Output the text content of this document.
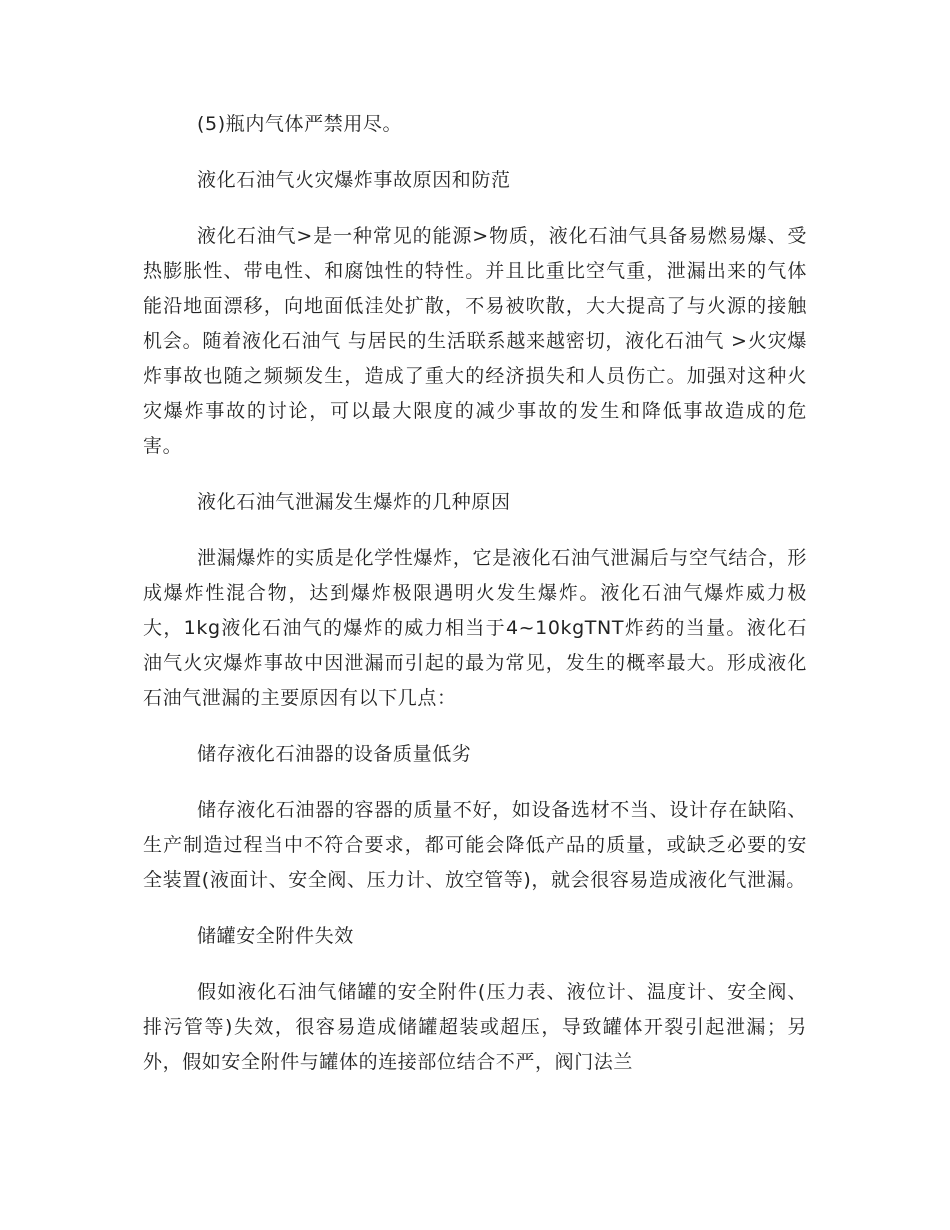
(5)瓶内气体严禁用尽。

液化石油气火灾爆炸事故原因和防范

液化石油气>是一种常见的能源>物质，液化石油气具备易燃易爆、受热膨胀性、带电性、和腐蚀性的特性。并且比重比空气重，泄漏出来的气体能沿地面漂移，向地面低洼处扩散，不易被吹散，大大提高了与火源的接触机会。随着液化石油气 与居民的生活联系越来越密切，液化石油气 >火灾爆炸事故也随之频频发生，造成了重大的经济损失和人员伤亡。加强对这种火灾爆炸事故的讨论，可以最大限度的减少事故的发生和降低事故造成的危害。

液化石油气泄漏发生爆炸的几种原因

泄漏爆炸的实质是化学性爆炸，它是液化石油气泄漏后与空气结合，形成爆炸性混合物，达到爆炸极限遇明火发生爆炸。液化石油气爆炸威力极大，1kg液化石油气的爆炸的威力相当于4~10kgTNT炸药的当量。液化石油气火灾爆炸事故中因泄漏而引起的最为常见，发生的概率最大。形成液化石油气泄漏的主要原因有以下几点：

储存液化石油器的设备质量低劣

储存液化石油器的容器的质量不好，如设备选材不当、设计存在缺陷、生产制造过程当中不符合要求，都可能会降低产品的质量，或缺乏必要的安全装置(液面计、安全阀、压力计、放空管等)，就会很容易造成液化气泄漏。

储罐安全附件失效

假如液化石油气储罐的安全附件(压力表、液位计、温度计、安全阀、排污管等)失效，很容易造成储罐超装或超压，导致罐体开裂引起泄漏；另外，假如安全附件与罐体的连接部位结合不严，阀门法兰
